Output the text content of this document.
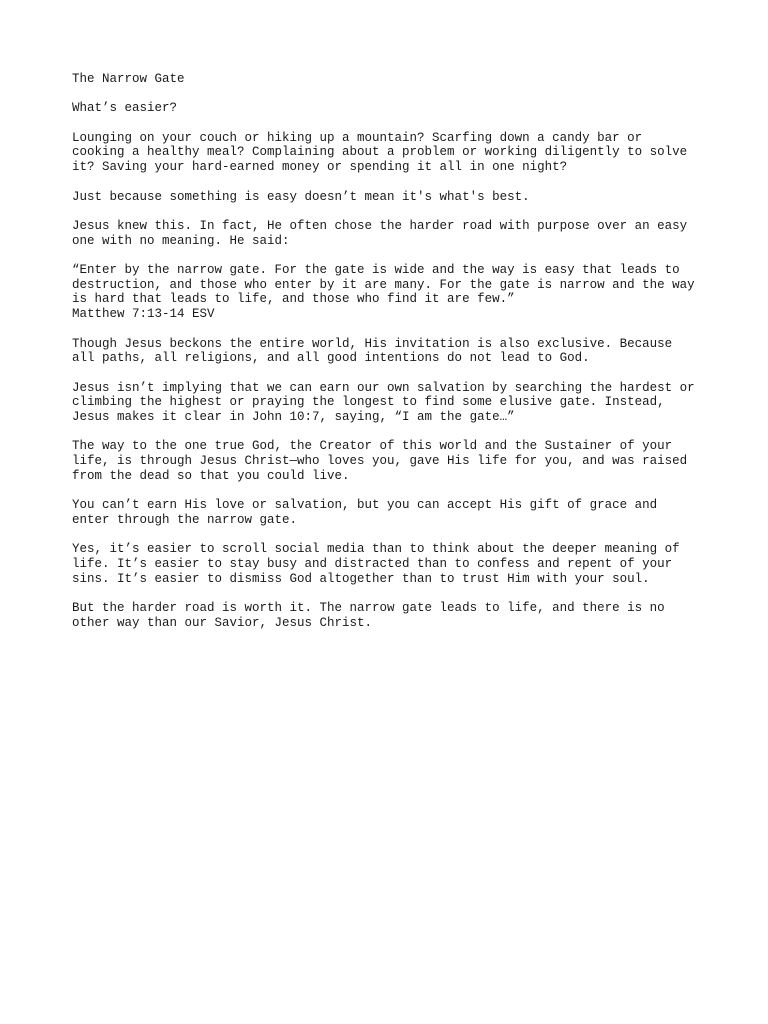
The Narrow Gate

What’s easier?

Lounging on your couch or hiking up a mountain? Scarfing down a candy bar or
cooking a healthy meal? Complaining about a problem or working diligently to solve
it? Saving your hard-earned money or spending it all in one night?

Just because something is easy doesn’t mean it's what's best.

Jesus knew this. In fact, He often chose the harder road with purpose over an easy
one with no meaning. He said:

“Enter by the narrow gate. For the gate is wide and the way is easy that leads to
destruction, and those who enter by it are many. For the gate is narrow and the way
is hard that leads to life, and those who find it are few.”
Matthew 7:13-14 ESV

Though Jesus beckons the entire world, His invitation is also exclusive. Because
all paths, all religions, and all good intentions do not lead to God.

Jesus isn’t implying that we can earn our own salvation by searching the hardest or
climbing the highest or praying the longest to find some elusive gate. Instead,
Jesus makes it clear in John 10:7, saying, “I am the gate…”

The way to the one true God, the Creator of this world and the Sustainer of your
life, is through Jesus Christ—who loves you, gave His life for you, and was raised
from the dead so that you could live.

You can’t earn His love or salvation, but you can accept His gift of grace and
enter through the narrow gate.

Yes, it’s easier to scroll social media than to think about the deeper meaning of
life. It’s easier to stay busy and distracted than to confess and repent of your
sins. It’s easier to dismiss God altogether than to trust Him with your soul.

But the harder road is worth it. The narrow gate leads to life, and there is no
other way than our Savior, Jesus Christ.
